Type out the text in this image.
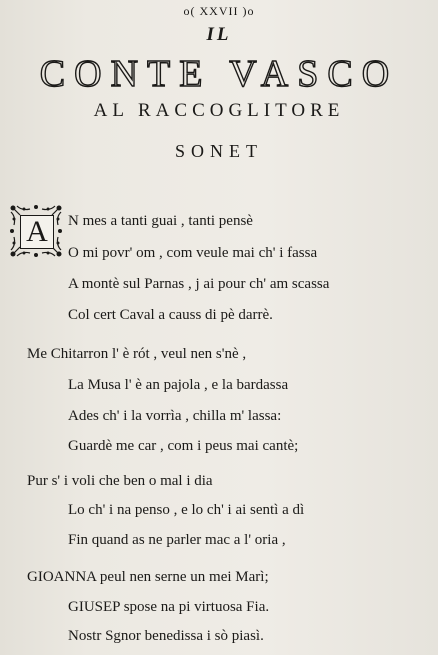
o( XXVII )o
IL
CONTE VASCO
AL RACCOGLITORE
SONET
A	N mes a tanti guai , tanti pensè
O mi povr' om , com veule mai ch' i fassa
A montè sul Parnas , j ai pour ch' am scassa
Col cert Caval a causs di pè darrè.
Me Chitarron l' è rót , veul nen s'nè ,
La Musa l' è an pajola , e la bardassa
Ades ch' i la vorrìa , chilla m' lassa:
Guardè me car , com i peus mai cantè;
Pur s' i voli che ben o mal i dia
Lo ch' i na penso , e lo ch' i ai sentì a dì
Fin quand as ne parler mac a l' oria ,
GIOANNA peul nen serne un mei Marì;
GIUSEP spose na pi virtuosa Fia.
Nostr Sgnor benedissa i sò piasì.
